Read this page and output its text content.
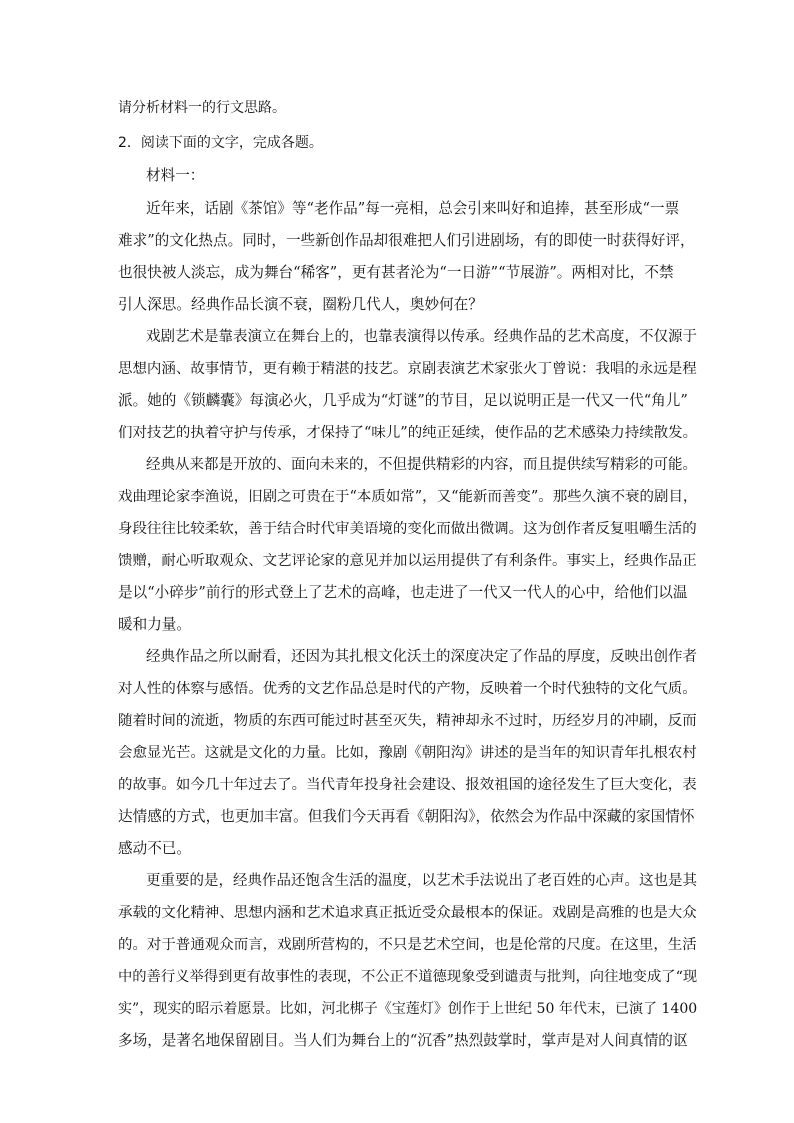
请分析材料一的行文思路。

2．阅读下面的文字，完成各题。

材料一：

近年来，话剧《茶馆》等“老作品”每一亮相，总会引来叫好和追捧，甚至形成“一票

难求”的文化热点。同时，一些新创作品却很难把人们引进剧场，有的即使一时获得好评，

也很快被人淡忘，成为舞台“稀客”，更有甚者沦为“一日游”“节展游”。两相对比，不禁

引人深思。经典作品长演不衰，圈粉几代人，奥妙何在？

戏剧艺术是靠表演立在舞台上的，也靠表演得以传承。经典作品的艺术高度，不仅源于

思想内涵、故事情节，更有赖于精湛的技艺。京剧表演艺术家张火丁曾说：我唱的永远是程

派。她的《锁麟囊》每演必火，几乎成为“灯谜”的节目，足以说明正是一代又一代“角儿”

们对技艺的执着守护与传承，才保持了“味儿”的纯正延续，使作品的艺术感染力持续散发。

经典从来都是开放的、面向未来的，不但提供精彩的内容，而且提供续写精彩的可能。

戏曲理论家李渔说，旧剧之可贵在于“本质如常”，又“能新而善变”。那些久演不衰的剧目，

身段往往比较柔软，善于结合时代审美语境的变化而做出微调。这为创作者反复咀嚼生活的

馈赠，耐心听取观众、文艺评论家的意见并加以运用提供了有利条件。事实上，经典作品正

是以“小碎步”前行的形式登上了艺术的高峰，也走进了一代又一代人的心中，给他们以温

暖和力量。

经典作品之所以耐看，还因为其扎根文化沃土的深度决定了作品的厚度，反映出创作者

对人性的体察与感悟。优秀的文艺作品总是时代的产物，反映着一个时代独特的文化气质。

随着时间的流逝，物质的东西可能过时甚至灭失，精神却永不过时，历经岁月的冲刷，反而

会愈显光芒。这就是文化的力量。比如，豫剧《朝阳沟》讲述的是当年的知识青年扎根农村

的故事。如今几十年过去了。当代青年投身社会建设、报效祖国的途径发生了巨大变化，表

达情感的方式，也更加丰富。但我们今天再看《朝阳沟》，依然会为作品中深藏的家国情怀

感动不已。

更重要的是，经典作品还饱含生活的温度，以艺术手法说出了老百姓的心声。这也是其

承载的文化精神、思想内涵和艺术追求真正抵近受众最根本的保证。戏剧是高雅的也是大众

的。对于普通观众而言，戏剧所营构的，不只是艺术空间，也是伦常的尺度。在这里，生活

中的善行义举得到更有故事性的表现，不公正不道德现象受到谴责与批判，向往地变成了“现

实”，现实的昭示着愿景。比如，河北梆子《宝莲灯》创作于上世纪 50 年代末，已演了 1400

多场，是著名地保留剧目。当人们为舞台上的“沉香”热烈鼓掌时，掌声是对人间真情的讴
